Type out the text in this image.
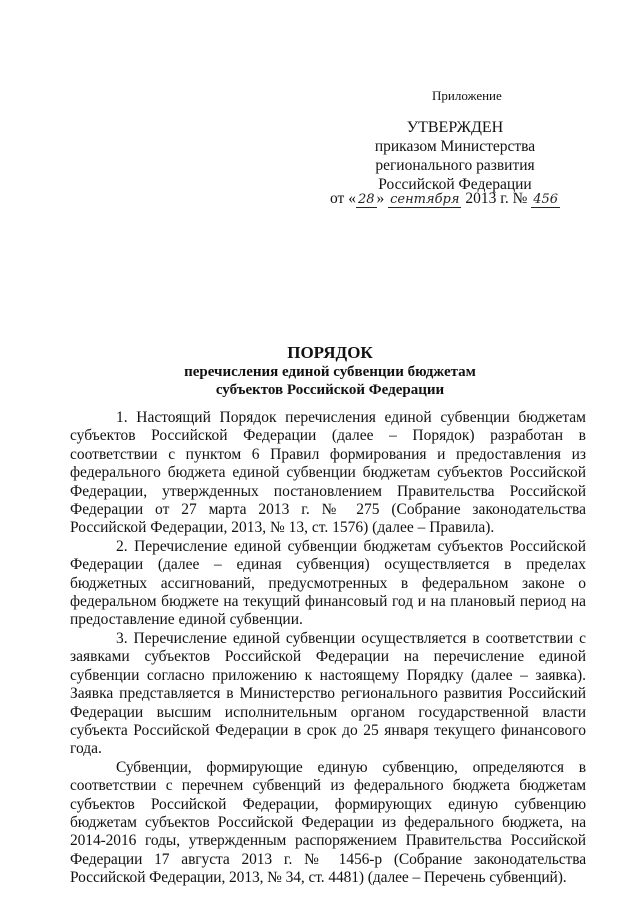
Приложение
УТВЕРЖДЕН
приказом Министерства
регионального развития
Российской Федерации
от « 28 » сентября 2013 г. № 456
ПОРЯДОК
перечисления единой субвенции бюджетам
субъектов Российской Федерации

1. Настоящий Порядок перечисления единой субвенции бюджетам субъектов Российской Федерации (далее – Порядок) разработан в соответствии с пунктом 6 Правил формирования и предоставления из федерального бюджета единой субвенции бюджетам субъектов Российской Федерации, утвержденных постановлением Правительства Российской Федерации от 27 марта 2013 г. № 275 (Собрание законодательства Российской Федерации, 2013, № 13, ст. 1576) (далее – Правила).

2. Перечисление единой субвенции бюджетам субъектов Российской Федерации (далее – единая субвенция) осуществляется в пределах бюджетных ассигнований, предусмотренных в федеральном законе о федеральном бюджете на текущий финансовый год и на плановый период на предоставление единой субвенции.

3. Перечисление единой субвенции осуществляется в соответствии с заявками субъектов Российской Федерации на перечисление единой субвенции согласно приложению к настоящему Порядку (далее – заявка). Заявка представляется в Министерство регионального развития Российский Федерации высшим исполнительным органом государственной власти субъекта Российской Федерации в срок до 25 января текущего финансового года.

Субвенции, формирующие единую субвенцию, определяются в соответствии с перечнем субвенций из федерального бюджета бюджетам субъектов Российской Федерации, формирующих единую субвенцию бюджетам субъектов Российской Федерации из федерального бюджета, на 2014-2016 годы, утвержденным распоряжением Правительства Российской Федерации 17 августа 2013 г. № 1456-р (Собрание законодательства Российской Федерации, 2013, № 34, ст. 4481) (далее – Перечень субвенций).
